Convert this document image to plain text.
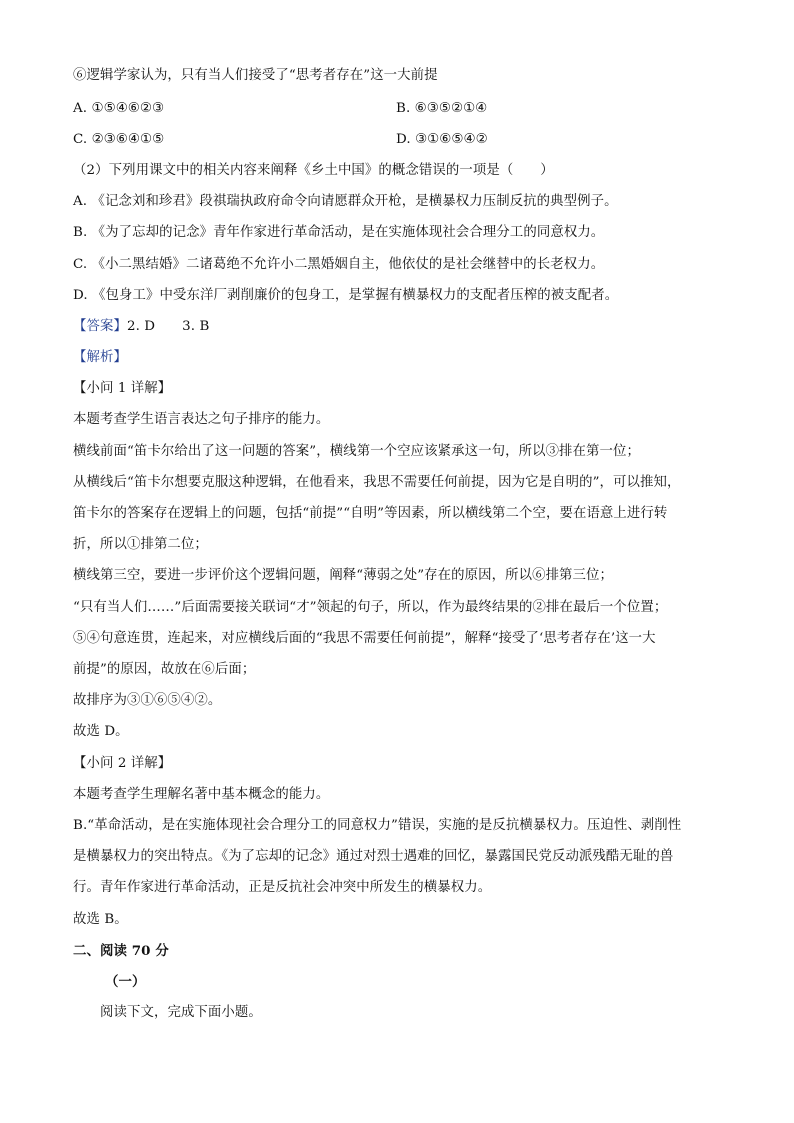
⑥逻辑学家认为，只有当人们接受了“思考者存在”这一大前提
A. ①⑤④⑥②③	B. ⑥③⑤②①④
C. ②③⑥④①⑤	D. ③①⑥⑤④②
（2）下列用课文中的相关内容来阐释《乡土中国》的概念错误的一项是（　　）
A. 《记念刘和珍君》段祺瑞执政府命令向请愿群众开枪，是横暴权力压制反抗的典型例子。
B. 《为了忘却的记念》青年作家进行革命活动，是在实施体现社会合理分工的同意权力。
C. 《小二黑结婚》二诸葛绝不允许小二黑婚姻自主，他依仗的是社会继替中的长老权力。
D. 《包身工》中受东洋厂剥削廉价的包身工，是掌握有横暴权力的支配者压榨的被支配者。
【答案】2. D　　3. B
【解析】
【小问 1 详解】
本题考查学生语言表达之句子排序的能力。
横线前面“笛卡尔给出了这一问题的答案”，横线第一个空应该紧承这一句，所以③排在第一位；
从横线后“笛卡尔想要克服这种逻辑，在他看来，我思不需要任何前提，因为它是自明的”，可以推知，
笛卡尔的答案存在逻辑上的问题，包括“前提”“自明”等因素，所以横线第二个空，要在语意上进行转
折，所以①排第二位；
横线第三空，要进一步评价这个逻辑问题，阐释“薄弱之处”存在的原因，所以⑥排第三位；
“只有当人们……”后面需要接关联词“才”领起的句子，所以，作为最终结果的②排在最后一个位置；
⑤④句意连贯，连起来，对应横线后面的“我思不需要任何前提”，解释“接受了‘思考者存在’这一大
前提”的原因，故放在⑥后面；
故排序为③①⑥⑤④②。
故选 D。
【小问 2 详解】
本题考查学生理解名著中基本概念的能力。
B.“革命活动，是在实施体现社会合理分工的同意权力”错误，实施的是反抗横暴权力。压迫性、剥削性
是横暴权力的突出特点。《为了忘却的记念》通过对烈士遇难的回忆，暴露国民党反动派残酷无耻的兽
行。青年作家进行革命活动，正是反抗社会冲突中所发生的横暴权力。
故选 B。
二、阅读 70 分
（一）
阅读下文，完成下面小题。
